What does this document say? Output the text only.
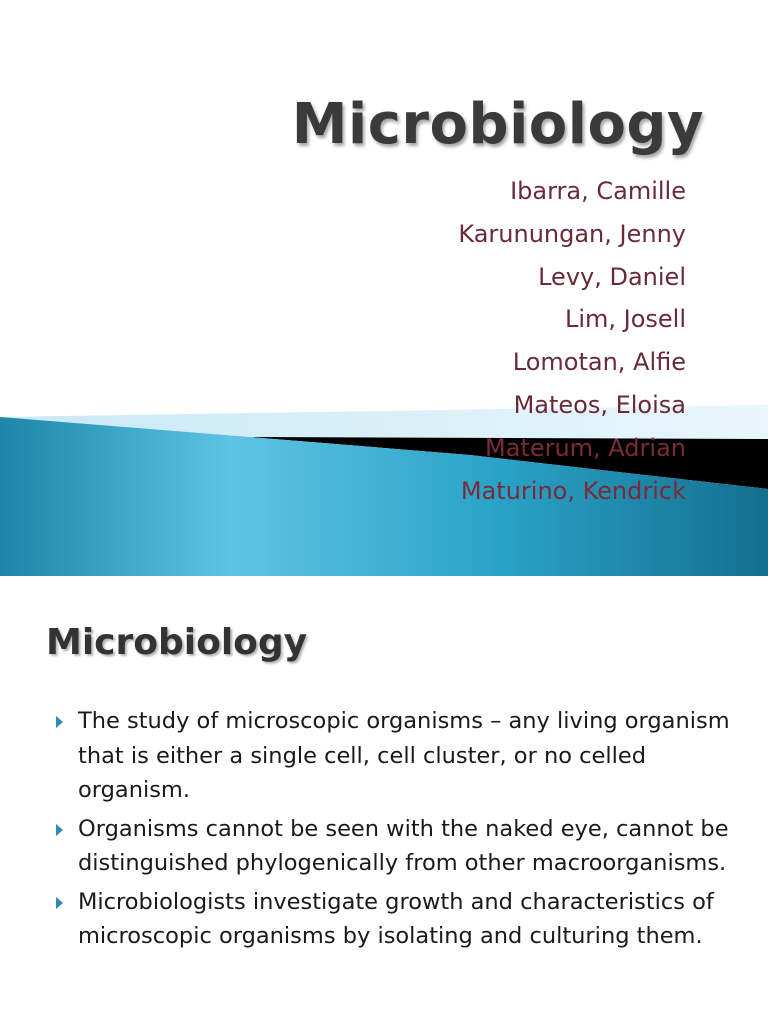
Microbiology
Ibarra, Camille
Karunungan, Jenny
Levy, Daniel
Lim, Josell
Lomotan, Alfie
Mateos, Eloisa
Materum, Adrian
Maturino, Kendrick
Microbiology
The study of microscopic organisms – any living organism that is either a single cell, cell cluster, or no celled organism.
Organisms cannot be seen with the naked eye, cannot be distinguished phylogenically from other macroorganisms.
Microbiologists investigate growth and characteristics of microscopic organisms by isolating and culturing them.
